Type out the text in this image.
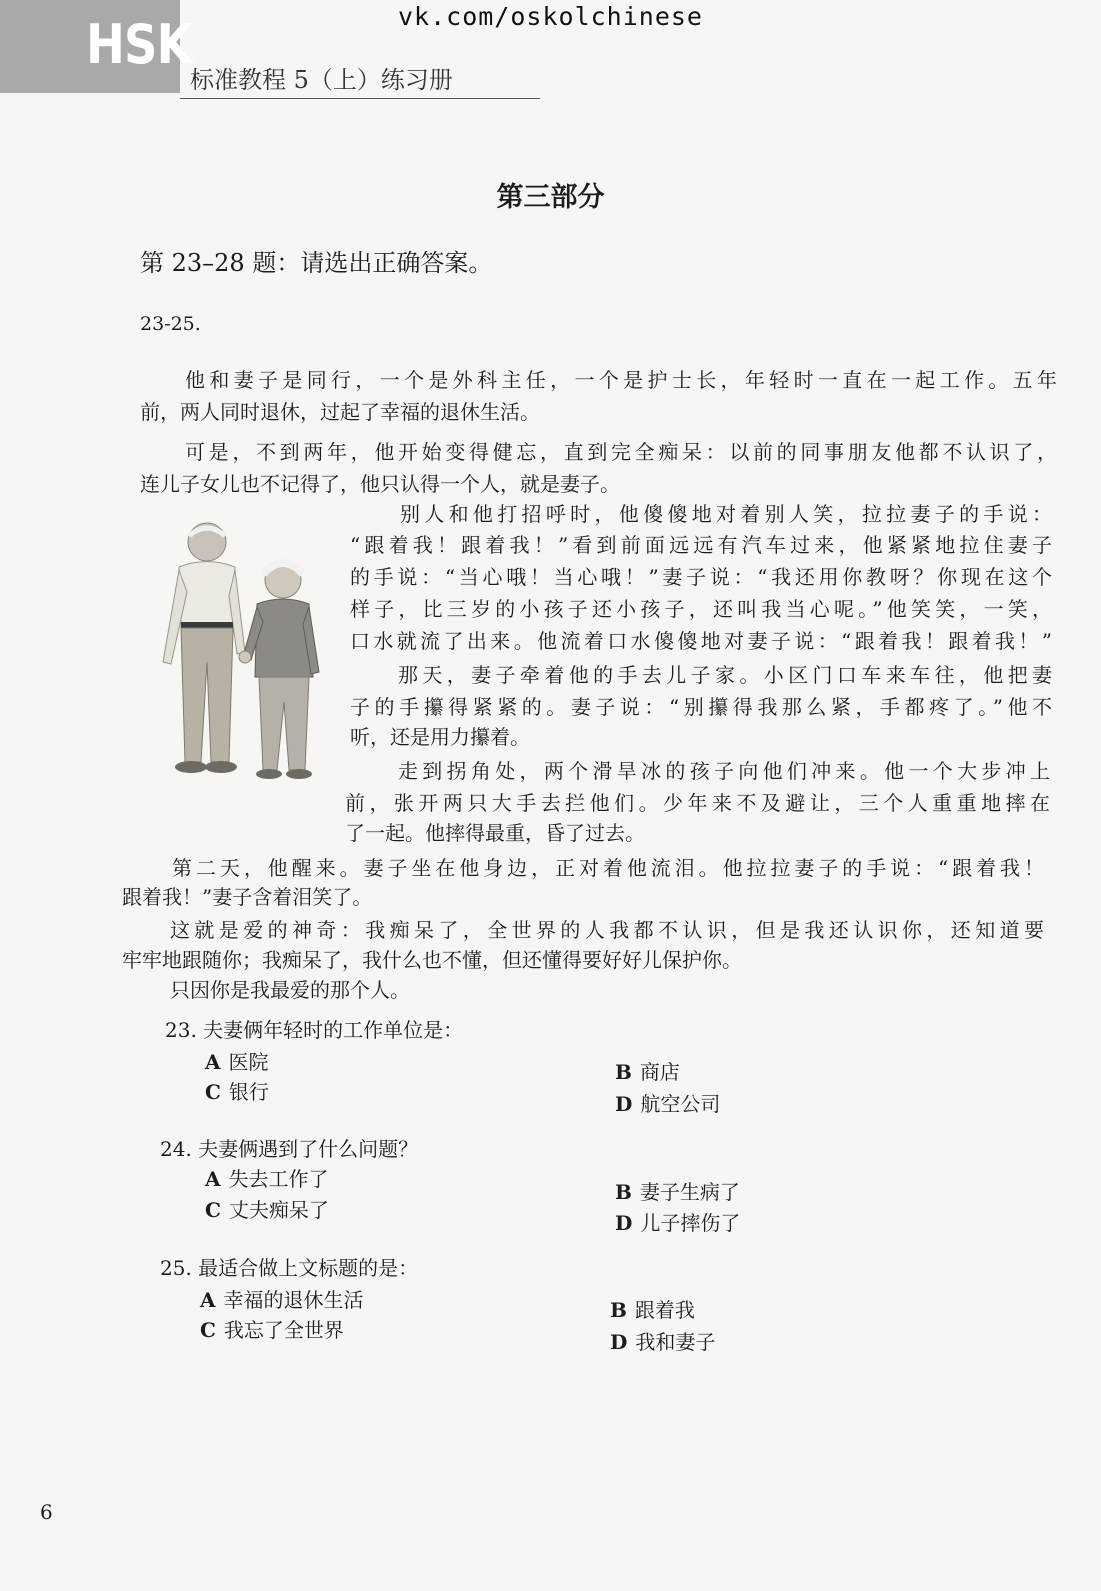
vk.com/oskolchinese
HSK
标准教程 5（上）练习册
第三部分
第 23–28 题：请选出正确答案。
23-25.
他和妻子是同行，一个是外科主任，一个是护士长，年轻时一直在一起工作。五年
前，两人同时退休，过起了幸福的退休生活。
可是，不到两年，他开始变得健忘，直到完全痴呆：以前的同事朋友他都不认识了，
连儿子女儿也不记得了，他只认得一个人，就是妻子。
别人和他打招呼时，他傻傻地对着别人笑，拉拉妻子的手说：
“跟着我！跟着我！”看到前面远远有汽车过来，他紧紧地拉住妻子
的手说：“当心哦！当心哦！”妻子说：“我还用你教呀？你现在这个
样子，比三岁的小孩子还小孩子，还叫我当心呢。”他笑笑，一笑，
口水就流了出来。他流着口水傻傻地对妻子说：“跟着我！跟着我！”
那天，妻子牵着他的手去儿子家。小区门口车来车往，他把妻
子的手攥得紧紧的。妻子说：“别攥得我那么紧，手都疼了。”他不
听，还是用力攥着。
走到拐角处，两个滑旱冰的孩子向他们冲来。他一个大步冲上
前，张开两只大手去拦他们。少年来不及避让，三个人重重地摔在
了一起。他摔得最重，昏了过去。
第二天，他醒来。妻子坐在他身边，正对着他流泪。他拉拉妻子的手说：“跟着我！
跟着我！”妻子含着泪笑了。
这就是爱的神奇：我痴呆了，全世界的人我都不认识，但是我还认识你，还知道要
牢牢地跟随你；我痴呆了，我什么也不懂，但还懂得要好好儿保护你。
只因你是我最爱的那个人。
23. 夫妻俩年轻时的工作单位是：
A 医院
C 银行
B 商店
D 航空公司
24. 夫妻俩遇到了什么问题？
A 失去工作了
C 丈夫痴呆了
B 妻子生病了
D 儿子摔伤了
25. 最适合做上文标题的是：
A 幸福的退休生活
C 我忘了全世界
B 跟着我
D 我和妻子
6
